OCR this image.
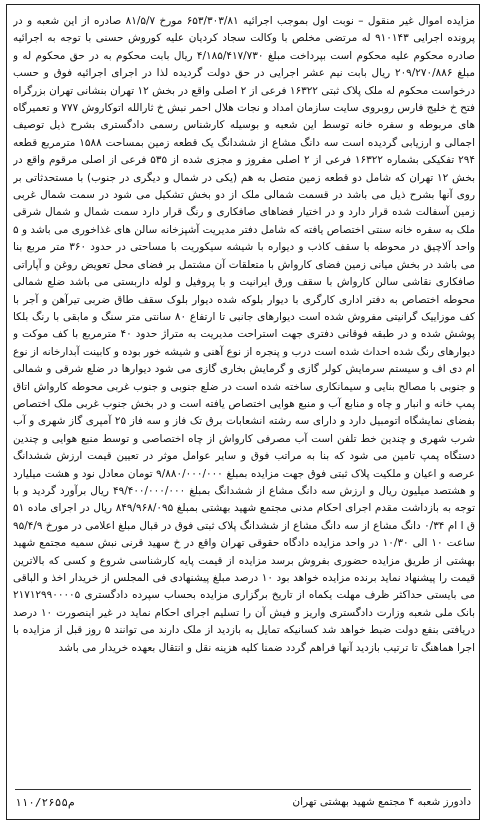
مزایده اموال غیر منقول – نوبت اول بموجب اجرائیه ۶۵۳/۳۰۳/۸۱ مورخ ۸۱/۵/۷ صادره از این شعبه و در پرونده اجرایی ۹۱۰۱۴۳ له مرتضی مخلص با وکالت سجاد کردیان علیه کوروش حسنی با توجه به اجرائیه صادره محکوم علیه محکوم است بپرداخت مبلغ ۴/۱۸۵/۴۱۷/۷۳۰ ریال بابت محکوم به در حق محکوم له و مبلغ ۲۰۹/۲۷۰/۸۸۶ ریال بابت نیم عشر اجرایی در حق دولت گردیده لذا در اجرای اجرائیه فوق و حسب درخواست محکوم له ملک پلاک ثبتی ۱۶۳۲۲ فرعی از ۲ اصلی واقع در بخش ۱۲ تهران بنشانی تهران بزرگراه فتح خ خلیج فارس روبروی سایت سازمان امداد و نجات هلال احمر نبش خ ثارالله اتوکاروش ۷۷۷ و تعمیرگاه های مربوطه و سفره خانه توسط این شعبه و بوسیله کارشناس رسمی دادگستری بشرح ذیل توصیف اجمالی و ارزیابی گردیده است سه دانگ مشاع از ششدانگ یک قطعه زمین بمساحت ۱۵۸۸ مترمربع قطعه ۲۹۴ تفکیکی بشماره ۱۶۳۲۲ فرعی از ۲ اصلی مفروز و مجزی شده از ۵۳۵ فرعی از اصلی مرقوم واقع در بخش ۱۲ تهران که شامل دو قطعه زمین متصل به هم (یکی در شمال و دیگری در جنوب) با مستحدثاتی بر روی آنها بشرح ذیل می باشد در قسمت شمالی ملک از دو بخش تشکیل می شود در سمت شمال غربی زمین آسفالت شده قرار دارد و در اختیار فضاهای صافکاری و رنگ قرار دارد سمت شمال و شمال شرقی ملک به سفره خانه سنتی اختصاص یافته که شامل دفتر مدیریت آشپزخانه سالن های غذاخوری می باشد و ۵ واحد آلاچیق در محوطه با سقف کاذب و دیواره با شیشه سیکوریت با مساحتی در حدود ۳۶۰ متر مربع بنا می باشد در بخش میانی زمین فضای کارواش با متعلقات آن مشتمل بر فضای محل تعویض روغن و آپاراتی صافکاری نقاشی سالن کارواش با سقف ورق ایرانیت و با پروفیل و لوله داربستی می باشد ضلع شمالی محوطه اختصاص به دفتر اداری کارگری با دیوار بلوکه شده دیوار بلوک سقف طاق ضربی تیرآهن و آجر با کف موزاییک گرانیتی مفروش شده است دیوارهای جانبی تا ارتفاع ۸۰ سانتی متر سنگ و مابقی با رنگ بلکا پوشش شده و در طبقه فوقانی دفتری جهت استراحت مدیریت به متراژ حدود ۴۰ مترمربع با کف موکت و دیوارهای رنگ شده احداث شده است درب و پنجره از نوع آهنی و شیشه خور بوده و کابینت آبدارخانه از نوع ام دی اف و سیستم سرمایش کولر گازی و گرمایش بخاری گازی می شود دیوارها در ضلع شرقی و شمالی و جنوبی با مصالح بنایی و سیمانکاری ساخته شده است در ضلع جنوبی و جنوب غربی محوطه کارواش اتاق پمپ خانه و انبار و چاه و منابع آب و منبع هوایی اختصاص یافته است و در بخش جنوب غربی ملک اختصاص بفضای نمایشگاه اتومبیل دارد و دارای سه رشته انشعابات برق تک فاز و سه فاز ۲۵ آمپری گاز شهری و آب شرب شهری و چندین خط تلفن است آب مصرفی کارواش از چاه اختصاصی و توسط منبع هوایی و چندین دستگاه پمپ تامین می شود که بنا به مراتب فوق و سایر عوامل موثر در تعیین قیمت ارزش ششدانگ عرصه و اعیان و ملکیت پلاک ثبتی فوق جهت مزایده بمبلغ ۹/۸۸۰/۰۰۰/۰۰۰ تومان معادل نود و هشت میلیارد و هشتصد میلیون ریال و ارزش سه دانگ مشاع از ششدانگ بمبلغ ۴۹/۴۰۰/۰۰۰/۰۰۰ ریال برآورد گردید و با توجه به بازداشت مقدم اجرای احکام مدنی مجتمع شهید بهشتی بمبلغ ۸۴۹/۹۶۸/۰۹۵ ریال در اجرای ماده ۵۱ ق ا ام ۰/۳۴ دانگ مشاع از سه دانگ مشاع از ششدانگ پلاک ثبتی فوق در قبال مبلغ اعلامی در مورخ ۹۵/۴/۹ ساعت ۱۰ الی ۱۰/۳۰ در واحد مزایده دادگاه حقوقی تهران واقع در خ سهید قرنی نبش سمیه مجتمع شهید بهشتی از طریق مزایده حضوری بفروش برسد مزایده از قیمت پایه کارشناسی شروع و کسی که بالاترین قیمت را پیشنهاد نماید برنده مزایده خواهد بود ۱۰ درصد مبلغ پیشنهادی فی المجلس از خریدار اخذ و الباقی می بایستی حداکثر ظرف مهلت یکماه از تاریخ برگزاری مزایده بحساب سپرده دادگستری ۲۱۷۱۲۹۹۰۰۰۰۵ بانک ملی شعبه وزارت دادگستری واریز و فیش آن را تسلیم اجرای احکام نماید در غیر اینصورت ۱۰ درصد دریافتی بنفع دولت ضبط خواهد شد کسانیکه تمایل به بازدید از ملک دارند می توانند ۵ روز قبل از مزایده با اجرا هماهنگ تا ترتیب بازدید آنها فراهم گردد ضمنا کلیه هزینه نقل و انتقال بعهده خریدار می باشد

دادورز شعبه ۴ مجتمع شهید بهشتی تهران
۱۱۰/۲۶۵۵م
